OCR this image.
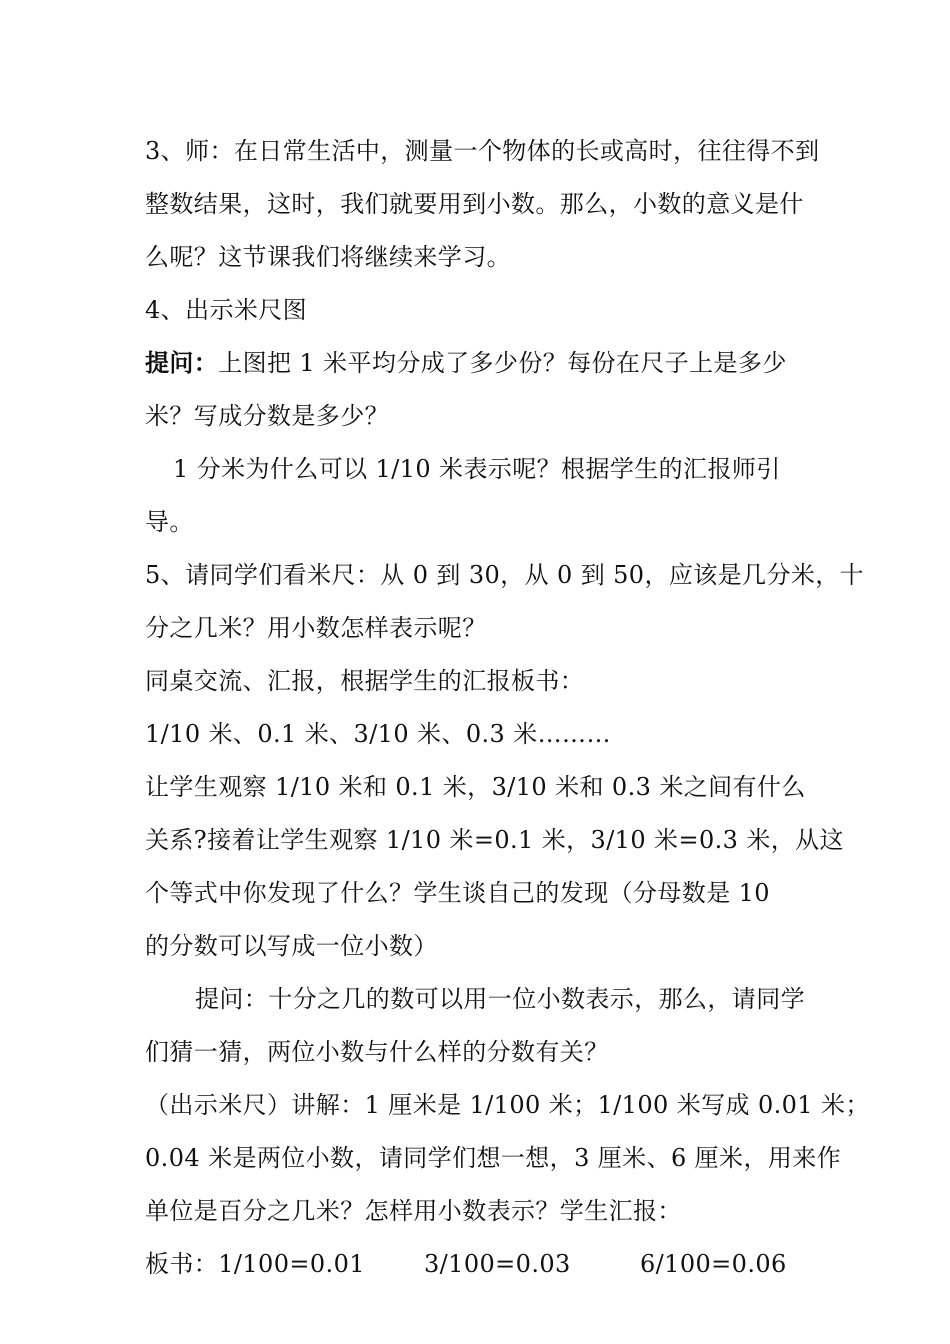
3、师：在日常生活中，测量一个物体的长或高时，往往得不到
整数结果，这时，我们就要用到小数。那么，小数的意义是什
么呢？这节课我们将继续来学习。
4、出示米尺图
提问：上图把 1 米平均分成了多少份？每份在尺子上是多少
米？写成分数是多少？
1 分米为什么可以 1/10 米表示呢？根据学生的汇报师引
导。
5、请同学们看米尺：从 0 到 30，从 0 到 50，应该是几分米，十
分之几米？用小数怎样表示呢？
同桌交流、汇报，根据学生的汇报板书：
1/10 米、0.1 米、3/10 米、0.3 米………
让学生观察 1/10 米和 0.1 米，3/10 米和 0.3 米之间有什么
关系?接着让学生观察 1/10 米=0.1 米，3/10 米=0.3 米，从这
个等式中你发现了什么？学生谈自己的发现（分母数是 10
的分数可以写成一位小数）
提问：十分之几的数可以用一位小数表示，那么，请同学
们猜一猜，两位小数与什么样的分数有关？
（出示米尺）讲解：1 厘米是 1/100 米；1/100 米写成 0.01 米；
0.04 米是两位小数，请同学们想一想，3 厘米、6 厘米，用来作
单位是百分之几米？怎样用小数表示？学生汇报：
板书：1/100=0.01 3/100=0.03	6/100=0.06
